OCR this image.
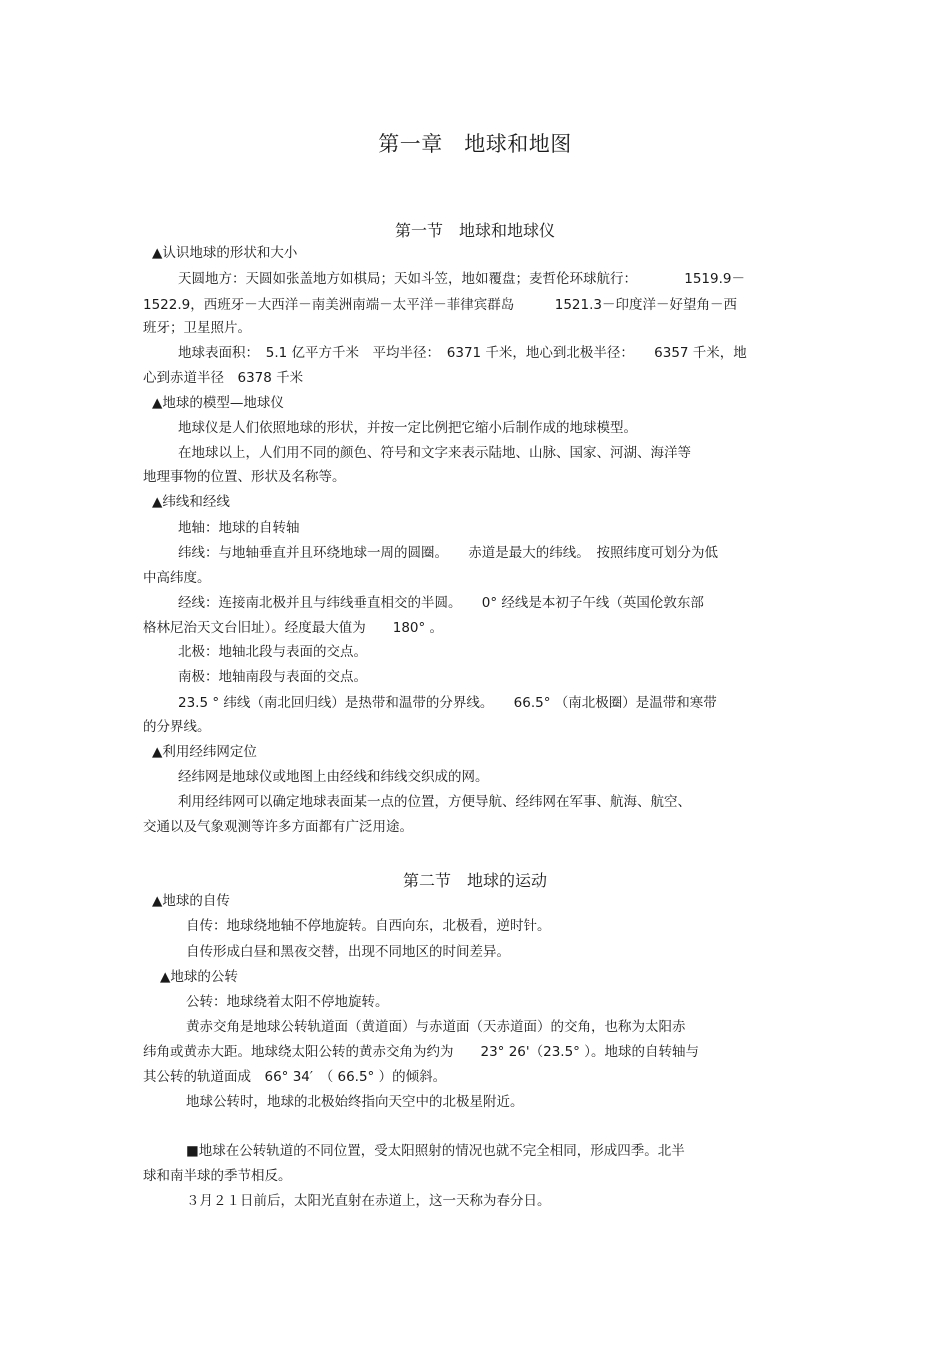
第一章　地球和地图
第一节　地球和地球仪
▲认识地球的形状和大小
天圆地方：天圆如张盖地方如棋局；天如斗笠，地如覆盘；麦哲伦环球航行：　　　　1519.9－
1522.9，西班牙－大西洋－南美洲南端－太平洋－菲律宾群岛　　　1521.3－印度洋－好望角－西
班牙；卫星照片。
地球表面积：　5.1 亿平方千米　平均半径：　6371 千米，地心到北极半径：　　6357 千米，地
心到赤道半径　6378 千米
▲地球的模型—地球仪
地球仪是人们依照地球的形状，并按一定比例把它缩小后制作成的地球模型。
在地球以上，人们用不同的颜色、符号和文字来表示陆地、山脉、国家、河湖、海洋等
地理事物的位置、形状及名称等。
▲纬线和经线
地轴：地球的自转轴
纬线：与地轴垂直并且环绕地球一周的圆圈。　　赤道是最大的纬线。　按照纬度可划分为低
中高纬度。
经线：连接南北极并且与纬线垂直相交的半圆。　　0° 经线是本初子午线（英国伦敦东部
格林尼治天文台旧址）。经度最大值为　　180° 。
北极：地轴北段与表面的交点。
南极：地轴南段与表面的交点。
23.5 ° 纬线（南北回归线）是热带和温带的分界线。　　66.5° （南北极圈）是温带和寒带
的分界线。
▲利用经纬网定位
经纬网是地球仪或地图上由经线和纬线交织成的网。
利用经纬网可以确定地球表面某一点的位置，方便导航、经纬网在军事、航海、航空、
交通以及气象观测等许多方面都有广泛用途。
第二节　地球的运动
▲地球的自传
自传：地球绕地轴不停地旋转。自西向东，北极看，逆时针。
自传形成白昼和黑夜交替，出现不同地区的时间差异。
▲地球的公转
公转：地球绕着太阳不停地旋转。
黄赤交角是地球公转轨道面（黄道面）与赤道面（天赤道面）的交角，也称为太阳赤
纬角或黄赤大距。地球绕太阳公转的黄赤交角为约为　　23° 26'（23.5° ）。地球的自转轴与
其公转的轨道面成　66° 34′　（ 66.5° ）的倾斜。
地球公转时，地球的北极始终指向天空中的北极星附近。
■地球在公转轨道的不同位置，受太阳照射的情况也就不完全相同，形成四季。北半
球和南半球的季节相反。
３月２１日前后，太阳光直射在赤道上，这一天称为春分日。
